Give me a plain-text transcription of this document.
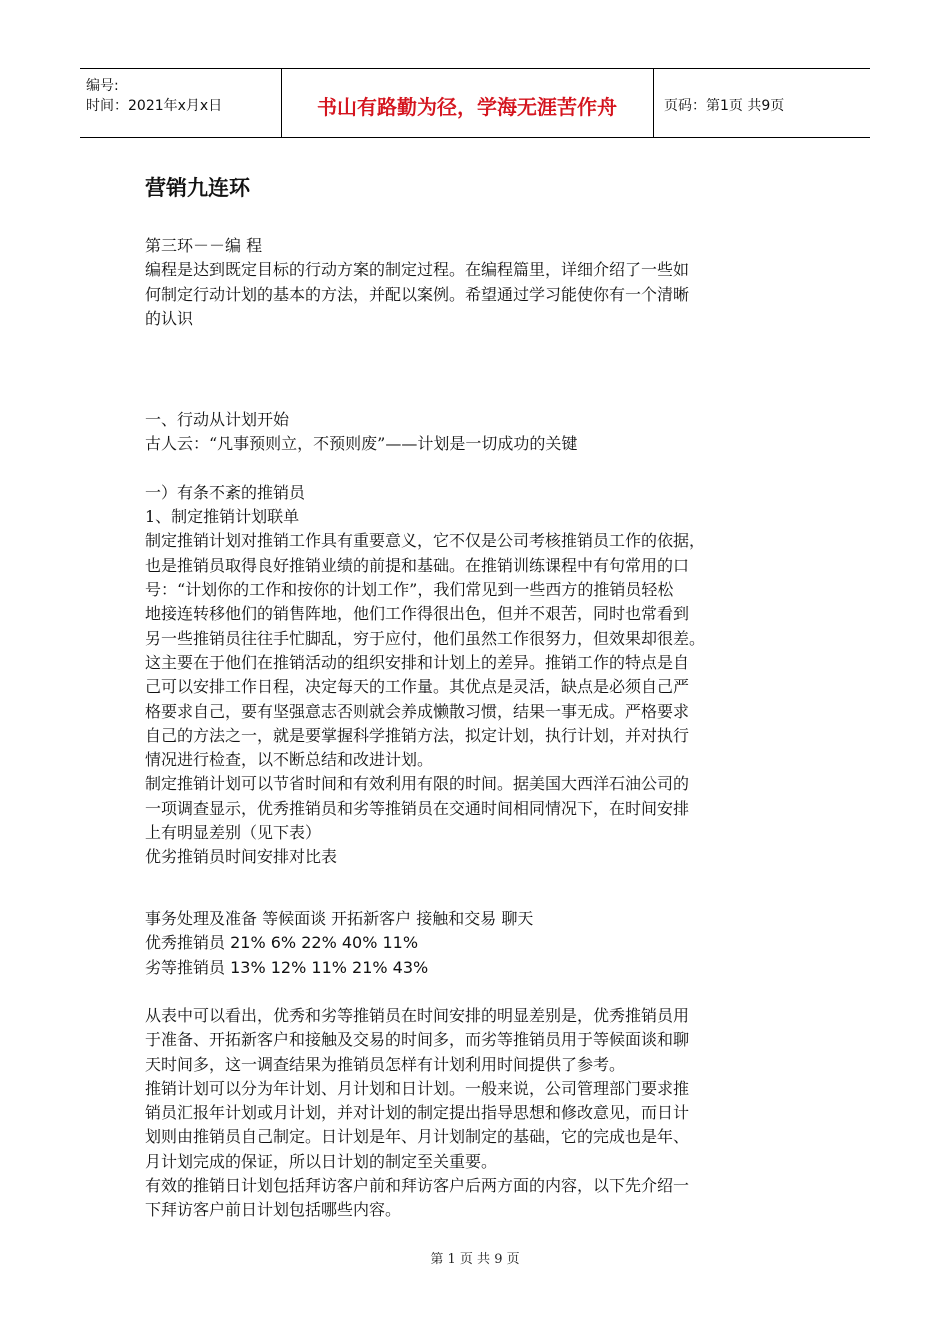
编号:
时间：2021年x月x日	书山有路勤为径，学海无涯苦作舟	页码：第1页 共9页
营销九连环

第三环－－编 程

编程是达到既定目标的行动方案的制定过程。在编程篇里，详细介绍了一些如

何制定行动计划的基本的方法，并配以案例。希望通过学习能使你有一个清晰

的认识

一、行动从计划开始

古人云：“凡事预则立，不预则废”——计划是一切成功的关键

一）有条不紊的推销员

1、制定推销计划联单

制定推销计划对推销工作具有重要意义，它不仅是公司考核推销员工作的依据，

也是推销员取得良好推销业绩的前提和基础。在推销训练课程中有句常用的口

号：“计划你的工作和按你的计划工作”，我们常见到一些西方的推销员轻松

地接连转移他们的销售阵地，他们工作得很出色，但并不艰苦，同时也常看到

另一些推销员往往手忙脚乱，穷于应付，他们虽然工作很努力，但效果却很差。

这主要在于他们在推销活动的组织安排和计划上的差异。推销工作的特点是自

己可以安排工作日程，决定每天的工作量。其优点是灵活，缺点是必须自己严

格要求自己，要有坚强意志否则就会养成懒散习惯，结果一事无成。严格要求

自己的方法之一，就是要掌握科学推销方法，拟定计划，执行计划，并对执行

情况进行检查，以不断总结和改进计划。

制定推销计划可以节省时间和有效利用有限的时间。据美国大西洋石油公司的

一项调查显示，优秀推销员和劣等推销员在交通时间相同情况下，在时间安排

上有明显差别（见下表）

优劣推销员时间安排对比表

事务处理及准备 等候面谈 开拓新客户 接触和交易 聊天

优秀推销员 21% 6% 22% 40% 11%

劣等推销员 13% 12% 11% 21% 43%

从表中可以看出，优秀和劣等推销员在时间安排的明显差别是，优秀推销员用

于准备、开拓新客户和接触及交易的时间多，而劣等推销员用于等候面谈和聊

天时间多，这一调查结果为推销员怎样有计划利用时间提供了参考。

推销计划可以分为年计划、月计划和日计划。一般来说，公司管理部门要求推

销员汇报年计划或月计划，并对计划的制定提出指导思想和修改意见，而日计

划则由推销员自己制定。日计划是年、月计划制定的基础，它的完成也是年、

月计划完成的保证，所以日计划的制定至关重要。

有效的推销日计划包括拜访客户前和拜访客户后两方面的内容，以下先介绍一

下拜访客户前日计划包括哪些内容。

第 1 页 共 9 页
